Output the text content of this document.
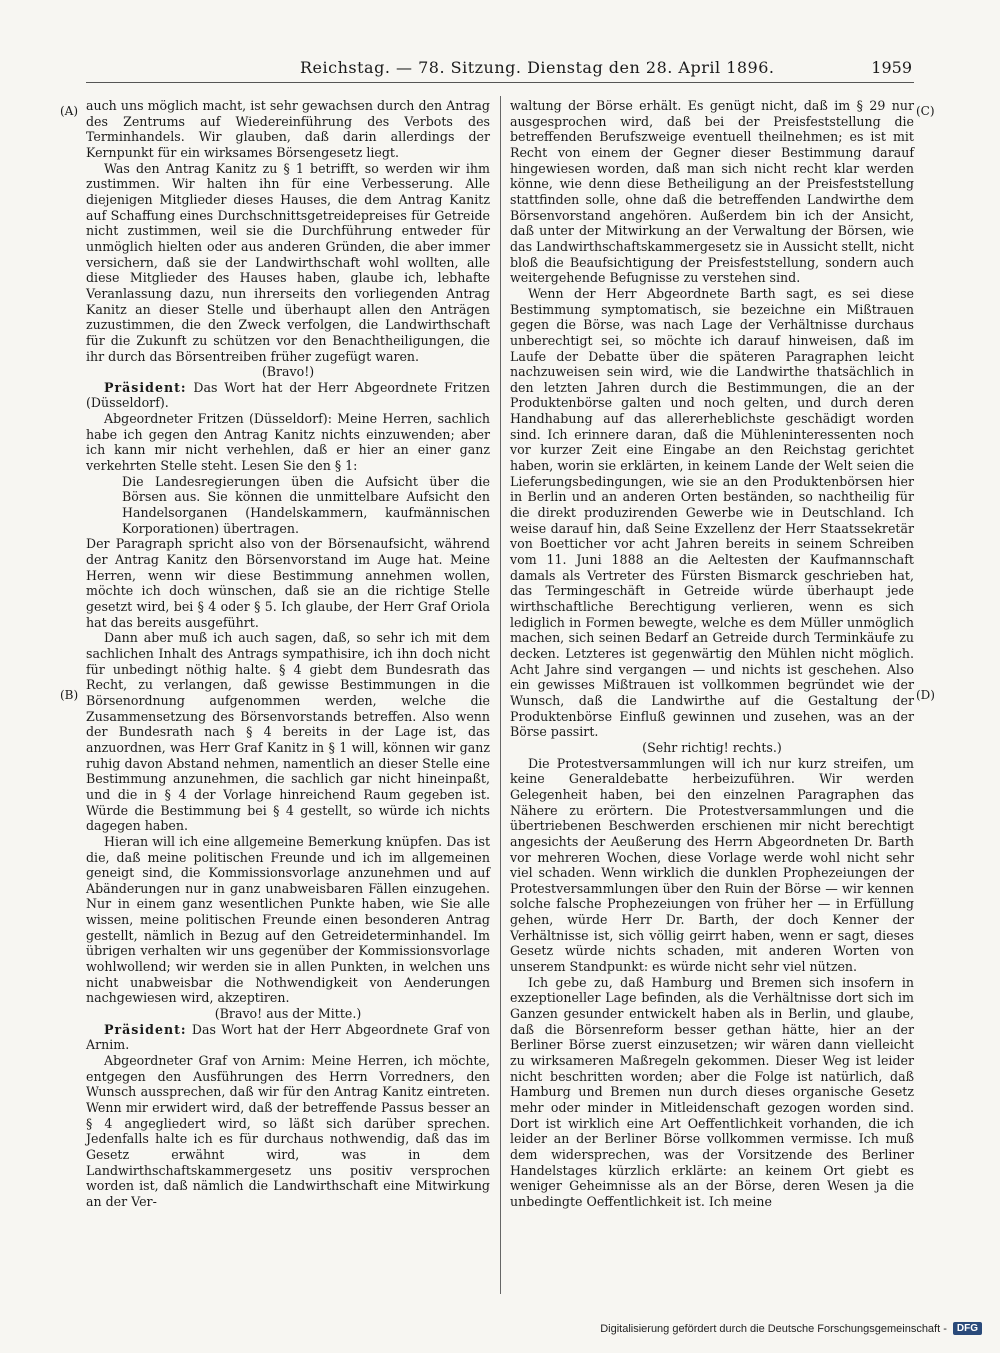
Reichstag. — 78. Sitzung. Dienstag den 28. April 1896.	1959
(A)
(B)
(C)
(D)

auch uns möglich macht, ist sehr gewachsen durch den Antrag des Zentrums auf Wiedereinführung des Verbots des Terminhandels. Wir glauben, daß darin allerdings der Kernpunkt für ein wirksames Börsengesetz liegt.

Was den Antrag Kanitz zu § 1 betrifft, so werden wir ihm zustimmen. Wir halten ihn für eine Verbesserung. Alle diejenigen Mitglieder dieses Hauses, die dem Antrag Kanitz auf Schaffung eines Durchschnittsgetreidepreises für Getreide nicht zustimmen, weil sie die Durchführung entweder für unmöglich hielten oder aus anderen Gründen, die aber immer versichern, daß sie der Landwirthschaft wohl wollten, alle diese Mitglieder des Hauses haben, glaube ich, lebhafte Veranlassung dazu, nun ihrerseits den vorliegenden Antrag Kanitz an dieser Stelle und überhaupt allen den Anträgen zuzustimmen, die den Zweck verfolgen, die Landwirthschaft für die Zukunft zu schützen vor den Benachtheiligungen, die ihr durch das Börsentreiben früher zugefügt waren.

(Bravo!)

Präsident: Das Wort hat der Herr Abgeordnete Fritzen (Düsseldorf).

Abgeordneter Fritzen (Düsseldorf): Meine Herren, sachlich habe ich gegen den Antrag Kanitz nichts einzuwenden; aber ich kann mir nicht verhehlen, daß er hier an einer ganz verkehrten Stelle steht. Lesen Sie den § 1:

Die Landesregierungen üben die Aufsicht über die Börsen aus. Sie können die unmittelbare Aufsicht den Handelsorganen (Handelskammern, kaufmännischen Korporationen) übertragen.

Der Paragraph spricht also von der Börsenaufsicht, während der Antrag Kanitz den Börsenvorstand im Auge hat. Meine Herren, wenn wir diese Bestimmung annehmen wollen, möchte ich doch wünschen, daß sie an die richtige Stelle gesetzt wird, bei § 4 oder § 5. Ich glaube, der Herr Graf Oriola hat das bereits ausgeführt.

Dann aber muß ich auch sagen, daß, so sehr ich mit dem sachlichen Inhalt des Antrags sympathisire, ich ihn doch nicht für unbedingt nöthig halte. § 4 giebt dem Bundesrath das Recht, zu verlangen, daß gewisse Bestimmungen in die Börsenordnung aufgenommen werden, welche die Zusammensetzung des Börsenvorstands betreffen. Also wenn der Bundesrath nach § 4 bereits in der Lage ist, das anzuordnen, was Herr Graf Kanitz in § 1 will, können wir ganz ruhig davon Abstand nehmen, namentlich an dieser Stelle eine Bestimmung anzunehmen, die sachlich gar nicht hineinpaßt, und die in § 4 der Vorlage hinreichend Raum gegeben ist. Würde die Bestimmung bei § 4 gestellt, so würde ich nichts dagegen haben.

Hieran will ich eine allgemeine Bemerkung knüpfen. Das ist die, daß meine politischen Freunde und ich im allgemeinen geneigt sind, die Kommissionsvorlage anzunehmen und auf Abänderungen nur in ganz unabweisbaren Fällen einzugehen. Nur in einem ganz wesentlichen Punkte haben, wie Sie alle wissen, meine politischen Freunde einen besonderen Antrag gestellt, nämlich in Bezug auf den Getreideterminhandel. Im übrigen verhalten wir uns gegenüber der Kommissionsvorlage wohlwollend; wir werden sie in allen Punkten, in welchen uns nicht unabweisbar die Nothwendigkeit von Aenderungen nachgewiesen wird, akzeptiren.

(Bravo! aus der Mitte.)

Präsident: Das Wort hat der Herr Abgeordnete Graf von Arnim.

Abgeordneter Graf von Arnim: Meine Herren, ich möchte, entgegen den Ausführungen des Herrn Vorredners, den Wunsch aussprechen, daß wir für den Antrag Kanitz eintreten. Wenn mir erwidert wird, daß der betreffende Passus besser an § 4 angegliedert wird, so läßt sich darüber sprechen. Jedenfalls halte ich es für durchaus nothwendig, daß das im Gesetz erwähnt wird, was in dem Landwirthschaftskammergesetz uns positiv versprochen worden ist, daß nämlich die Landwirthschaft eine Mitwirkung an der Ver-

waltung der Börse erhält. Es genügt nicht, daß im § 29 nur ausgesprochen wird, daß bei der Preisfeststellung die betreffenden Berufszweige eventuell theilnehmen; es ist mit Recht von einem der Gegner dieser Bestimmung darauf hingewiesen worden, daß man sich nicht recht klar werden könne, wie denn diese Betheiligung an der Preisfeststellung stattfinden solle, ohne daß die betreffenden Landwirthe dem Börsenvorstand angehören. Außerdem bin ich der Ansicht, daß unter der Mitwirkung an der Verwaltung der Börsen, wie das Landwirthschaftskammergesetz sie in Aussicht stellt, nicht bloß die Beaufsichtigung der Preisfeststellung, sondern auch weitergehende Befugnisse zu verstehen sind.

Wenn der Herr Abgeordnete Barth sagt, es sei diese Bestimmung symptomatisch, sie bezeichne ein Mißtrauen gegen die Börse, was nach Lage der Verhältnisse durchaus unberechtigt sei, so möchte ich darauf hinweisen, daß im Laufe der Debatte über die späteren Paragraphen leicht nachzuweisen sein wird, wie die Landwirthe thatsächlich in den letzten Jahren durch die Bestimmungen, die an der Produktenbörse galten und noch gelten, und durch deren Handhabung auf das allererheblichste geschädigt worden sind. Ich erinnere daran, daß die Mühleninteressenten noch vor kurzer Zeit eine Eingabe an den Reichstag gerichtet haben, worin sie erklärten, in keinem Lande der Welt seien die Lieferungsbedingungen, wie sie an den Produktenbörsen hier in Berlin und an anderen Orten beständen, so nachtheilig für die direkt produzirenden Gewerbe wie in Deutschland. Ich weise darauf hin, daß Seine Exzellenz der Herr Staatssekretär von Boetticher vor acht Jahren bereits in seinem Schreiben vom 11. Juni 1888 an die Aeltesten der Kaufmannschaft damals als Vertreter des Fürsten Bismarck geschrieben hat, das Termingeschäft in Getreide würde überhaupt jede wirthschaftliche Berechtigung verlieren, wenn es sich lediglich in Formen bewegte, welche es dem Müller unmöglich machen, sich seinen Bedarf an Getreide durch Terminkäufe zu decken. Letzteres ist gegenwärtig den Mühlen nicht möglich. Acht Jahre sind vergangen — und nichts ist geschehen. Also ein gewisses Mißtrauen ist vollkommen begründet wie der Wunsch, daß die Landwirthe auf die Gestaltung der Produktenbörse Einfluß gewinnen und zusehen, was an der Börse passirt.

(Sehr richtig! rechts.)

Die Protestversammlungen will ich nur kurz streifen, um keine Generaldebatte herbeizuführen. Wir werden Gelegenheit haben, bei den einzelnen Paragraphen das Nähere zu erörtern. Die Protestversammlungen und die übertriebenen Beschwerden erschienen mir nicht berechtigt angesichts der Aeußerung des Herrn Abgeordneten Dr. Barth vor mehreren Wochen, diese Vorlage werde wohl nicht sehr viel schaden. Wenn wirklich die dunklen Prophezeiungen der Protestversammlungen über den Ruin der Börse — wir kennen solche falsche Prophezeiungen von früher her — in Erfüllung gehen, würde Herr Dr. Barth, der doch Kenner der Verhältnisse ist, sich völlig geirrt haben, wenn er sagt, dieses Gesetz würde nichts schaden, mit anderen Worten von unserem Standpunkt: es würde nicht sehr viel nützen.

Ich gebe zu, daß Hamburg und Bremen sich insofern in exzeptioneller Lage befinden, als die Verhältnisse dort sich im Ganzen gesunder entwickelt haben als in Berlin, und glaube, daß die Börsenreform besser gethan hätte, hier an der Berliner Börse zuerst einzusetzen; wir wären dann vielleicht zu wirksameren Maßregeln gekommen. Dieser Weg ist leider nicht beschritten worden; aber die Folge ist natürlich, daß Hamburg und Bremen nun durch dieses organische Gesetz mehr oder minder in Mitleidenschaft gezogen worden sind. Dort ist wirklich eine Art Oeffentlichkeit vorhanden, die ich leider an der Berliner Börse vollkommen vermisse. Ich muß dem widersprechen, was der Vorsitzende des Berliner Handelstages kürzlich erklärte: an keinem Ort giebt es weniger Geheimnisse als an der Börse, deren Wesen ja die unbedingte Oeffentlichkeit ist. Ich meine

Digitalisierung gefördert durch die Deutsche Forschungsgemeinschaft -	DFG
